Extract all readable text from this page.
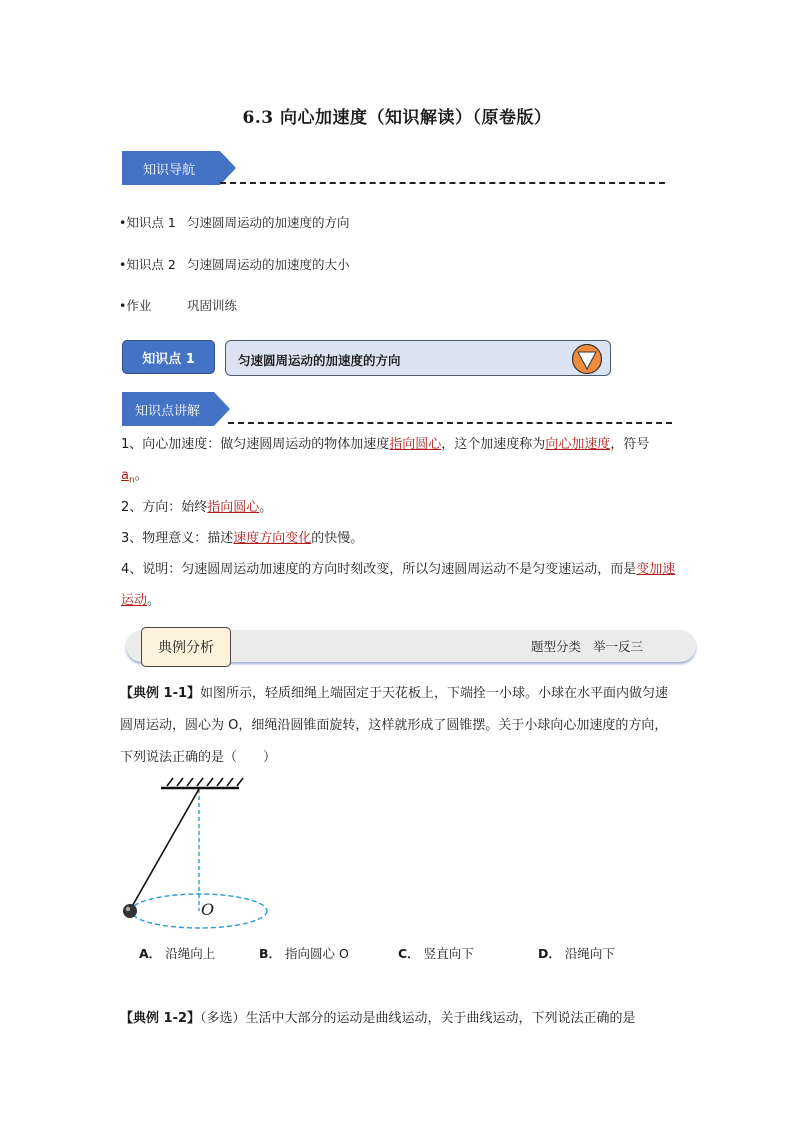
6.3 向心加速度（知识解读）（原卷版）
知识导航
•知识点 1 匀速圆周运动的加速度的方向
•知识点 2 匀速圆周运动的加速度的大小
•作业	巩固训练
知识点 1	匀速圆周运动的加速度的方向
知识点讲解
1、向心加速度：做匀速圆周运动的物体加速度指向圆心，这个加速度称为向心加速度，符号 $a_n$。
2、方向：始终指向圆心。
3、物理意义：描述速度方向变化的快慢。
4、说明：匀速圆周运动加速度的方向时刻改变，所以匀速圆周运动不是匀变速运动，而是变加速运动。
典例分析	题型分类 举一反三
【典例 1-1】如图所示，轻质细绳上端固定于天花板上，下端拴一小球。小球在水平面内做匀速圆周运动，圆心为 O，细绳沿圆锥面旋转，这样就形成了圆锥摆。关于小球向心加速度的方向，下列说法正确的是（　　）
O
A． 沿绳向上	B． 指向圆心 O	C． 竖直向下	D． 沿绳向下
【典例 1-2】（多选）生活中大部分的运动是曲线运动，关于曲线运动，下列说法正确的是
